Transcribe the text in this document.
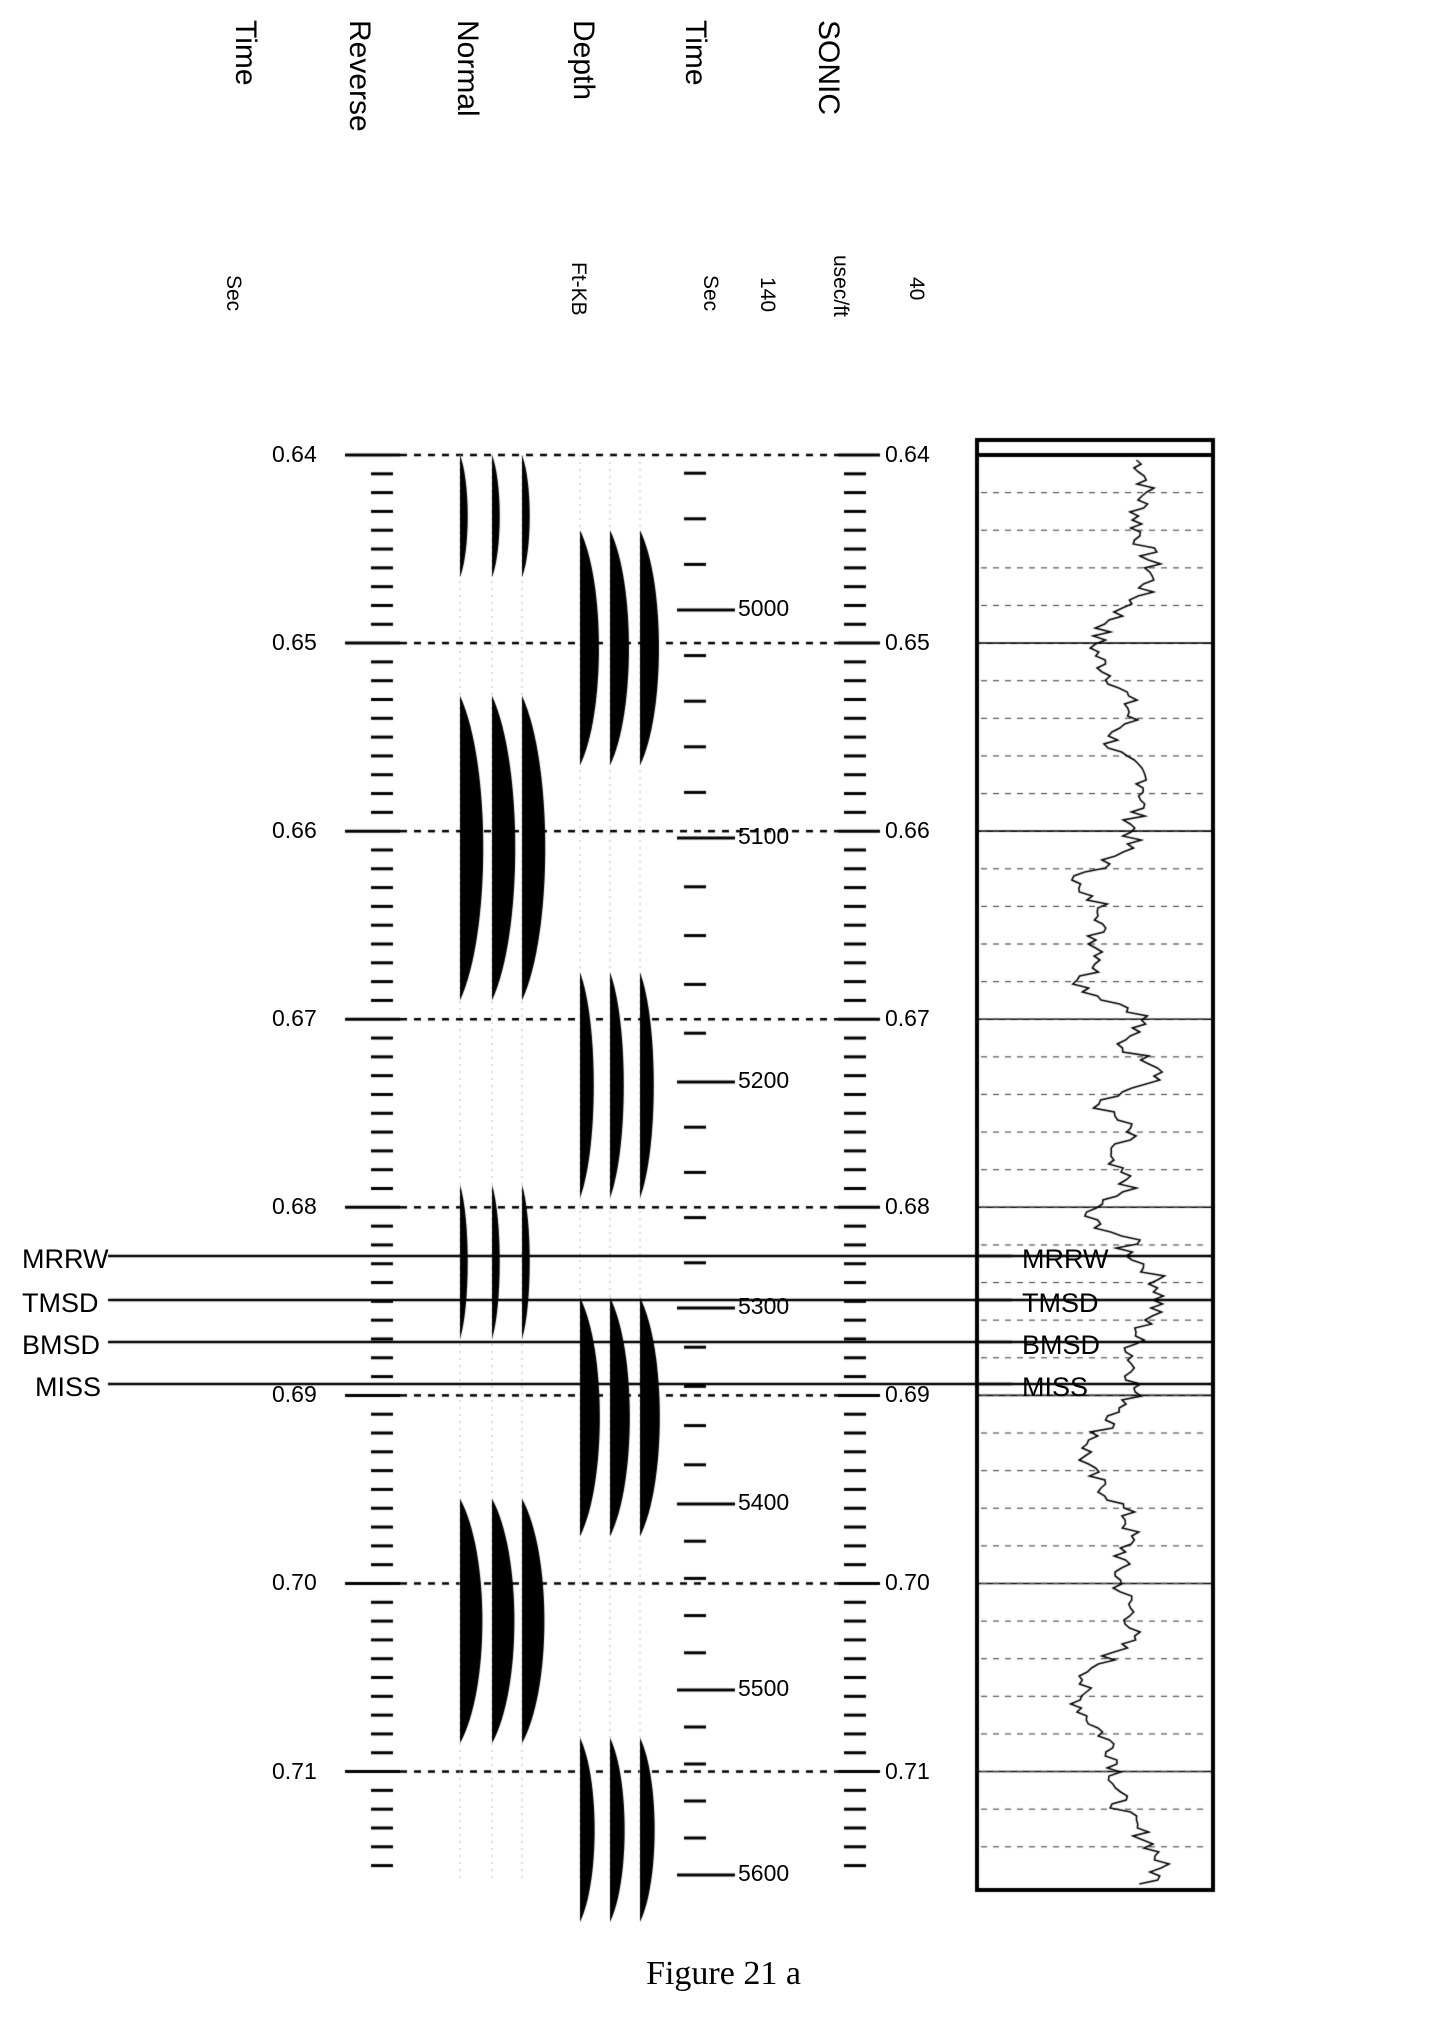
0.64
0.65
0.66
0.67
0.68
0.69
0.70
0.71
0.64
0.65
0.66
0.67
0.68
0.69
0.70
0.71
5000
5100
5200
5300
5400
5500
5600
MRRW
TMSD
BMSD
MISS
MRRW
TMSD
BMSD
MISS
Figure 21 a
